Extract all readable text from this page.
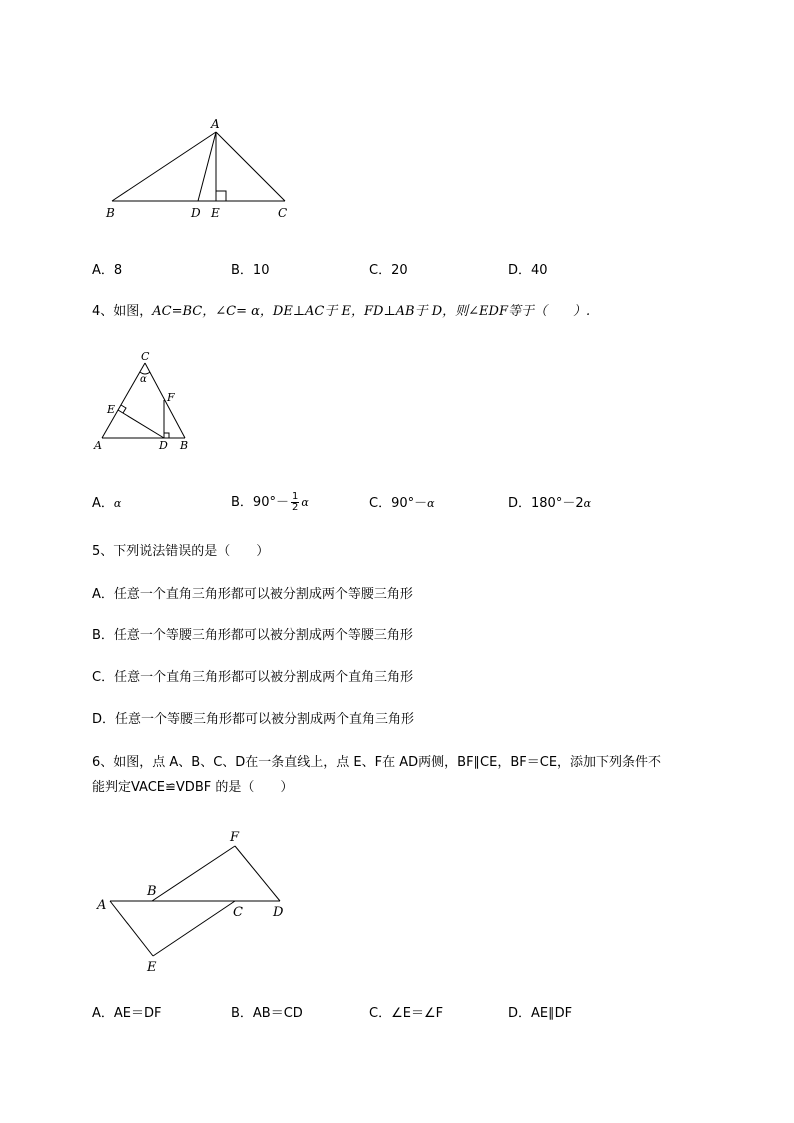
A
B	D E	C
A．8	B．10	C．20	D．40
4、如图，AC=BC，∠C= α，DE⊥AC于 E，FD⊥AB于 D，则∠EDF等于（　　）.
C
α
E
F
A	D B
A．α	B．$90^\circ- \frac{1}{2}$ α	C．90°－α	D．180°－2α
5、下列说法错误的是（　　）
A．任意一个直角三角形都可以被分割成两个等腰三角形
B．任意一个等腰三角形都可以被分割成两个等腰三角形
C．任意一个直角三角形都可以被分割成两个直角三角形
D．任意一个等腰三角形都可以被分割成两个直角三角形
6、如图，点 A、B、C、D在一条直线上，点 E、F在 AD两侧，BF∥CE，BF＝CE，添加下列条件不
能判定VACE≌VDBF 的是（　　）
F
B
A	C D
E
A．AE＝DF	B．AB＝CD	C．∠E＝∠F	D．AE∥DF
